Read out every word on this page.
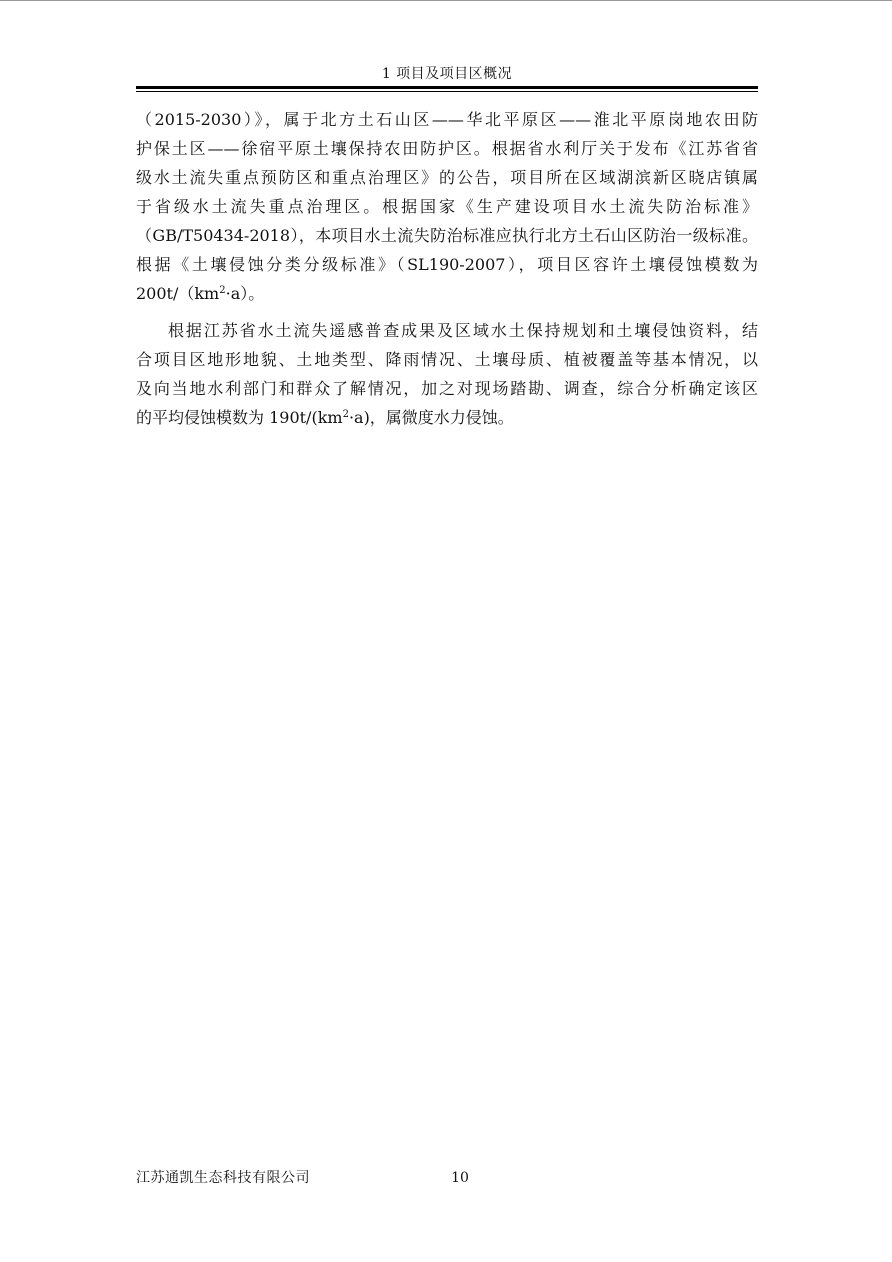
1 项目及项目区概况
（2015-2030）》，属于北方土石山区——华北平原区——淮北平原岗地农田防
护保土区——徐宿平原土壤保持农田防护区。根据省水利厅关于发布《江苏省省
级水土流失重点预防区和重点治理区》的公告，项目所在区域湖滨新区晓店镇属
于省级水土流失重点治理区。根据国家《生产建设项目水土流失防治标准》
（GB/T50434-2018），本项目水土流失防治标准应执行北方土石山区防治一级标准。
根据《土壤侵蚀分类分级标准》（SL190-2007），项目区容许土壤侵蚀模数为
$200t/(km^2\cdot a)$。
根据江苏省水土流失遥感普查成果及区域水土保持规划和土壤侵蚀资料，结
合项目区地形地貌、土地类型、降雨情况、土壤母质、植被覆盖等基本情况，以
及向当地水利部门和群众了解情况，加之对现场踏勘、调查，综合分析确定该区
的平均侵蚀模数为 $190t/(km^2\cdot a)$，属微度水力侵蚀。
江苏通凯生态科技有限公司	10
